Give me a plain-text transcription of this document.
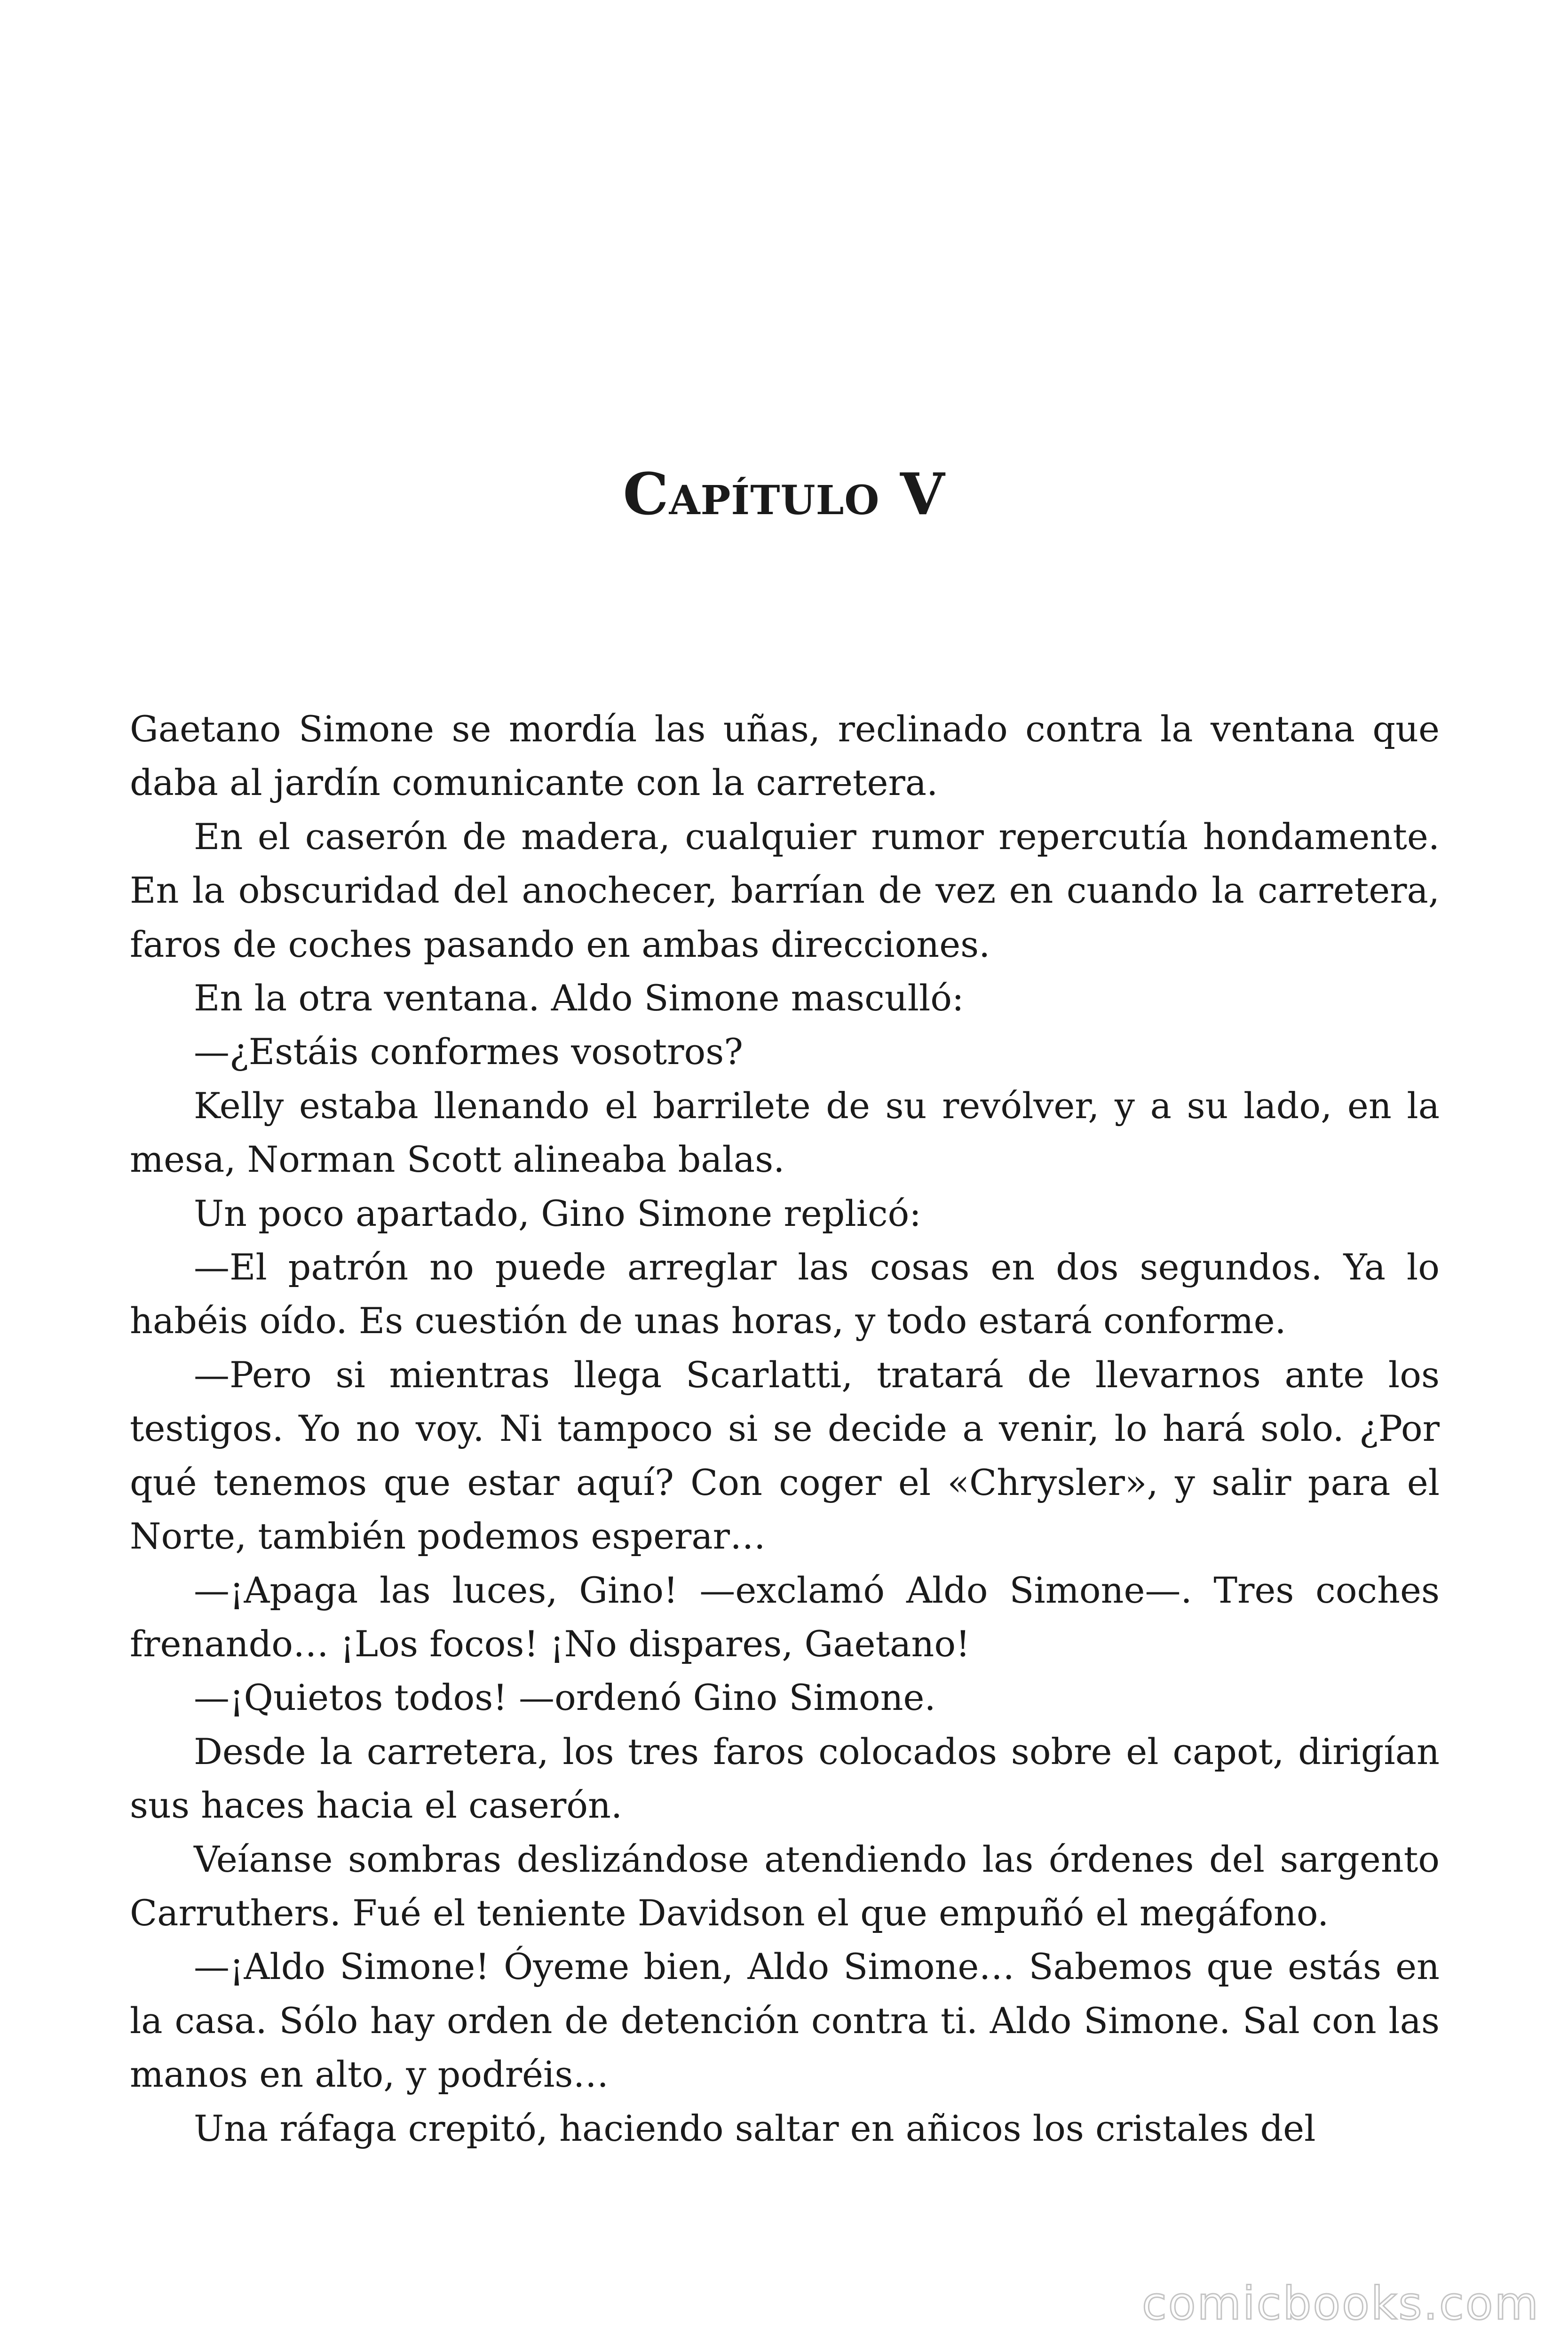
Capítulo V

Gaetano Simone se mordía las uñas, reclinado contra la ventana que daba al jardín comunicante con la carretera.

En el caserón de madera, cualquier rumor repercutía hondamente. En la obscuridad del anochecer, barrían de vez en cuando la carretera, faros de coches pasando en ambas direcciones.

En la otra ventana. Aldo Simone masculló:

—¿Estáis conformes vosotros?

Kelly estaba llenando el barrilete de su revólver, y a su lado, en la mesa, Norman Scott alineaba balas.

Un poco apartado, Gino Simone replicó:

—El patrón no puede arreglar las cosas en dos segundos. Ya lo habéis oído. Es cuestión de unas horas, y todo estará conforme.

—Pero si mientras llega Scarlatti, tratará de llevarnos ante los testigos. Yo no voy. Ni tampoco si se decide a venir, lo hará solo. ¿Por qué tenemos que estar aquí? Con coger el «Chrysler», y salir para el Norte, también podemos esperar…

—¡Apaga las luces, Gino! —exclamó Aldo Simone—. Tres coches frenando… ¡Los focos! ¡No dispares, Gaetano!

—¡Quietos todos! —ordenó Gino Simone.

Desde la carretera, los tres faros colocados sobre el capot, dirigían sus haces hacia el caserón.

Veíanse sombras deslizándose atendiendo las órdenes del sargento Carruthers. Fué el teniente Davidson el que empuñó el megáfono.

—¡Aldo Simone! Óyeme bien, Aldo Simone… Sabemos que estás en la casa. Sólo hay orden de detención contra ti. Aldo Simone. Sal con las manos en alto, y podréis…

Una ráfaga crepitó, haciendo saltar en añicos los cristales del

comicbooks.com
